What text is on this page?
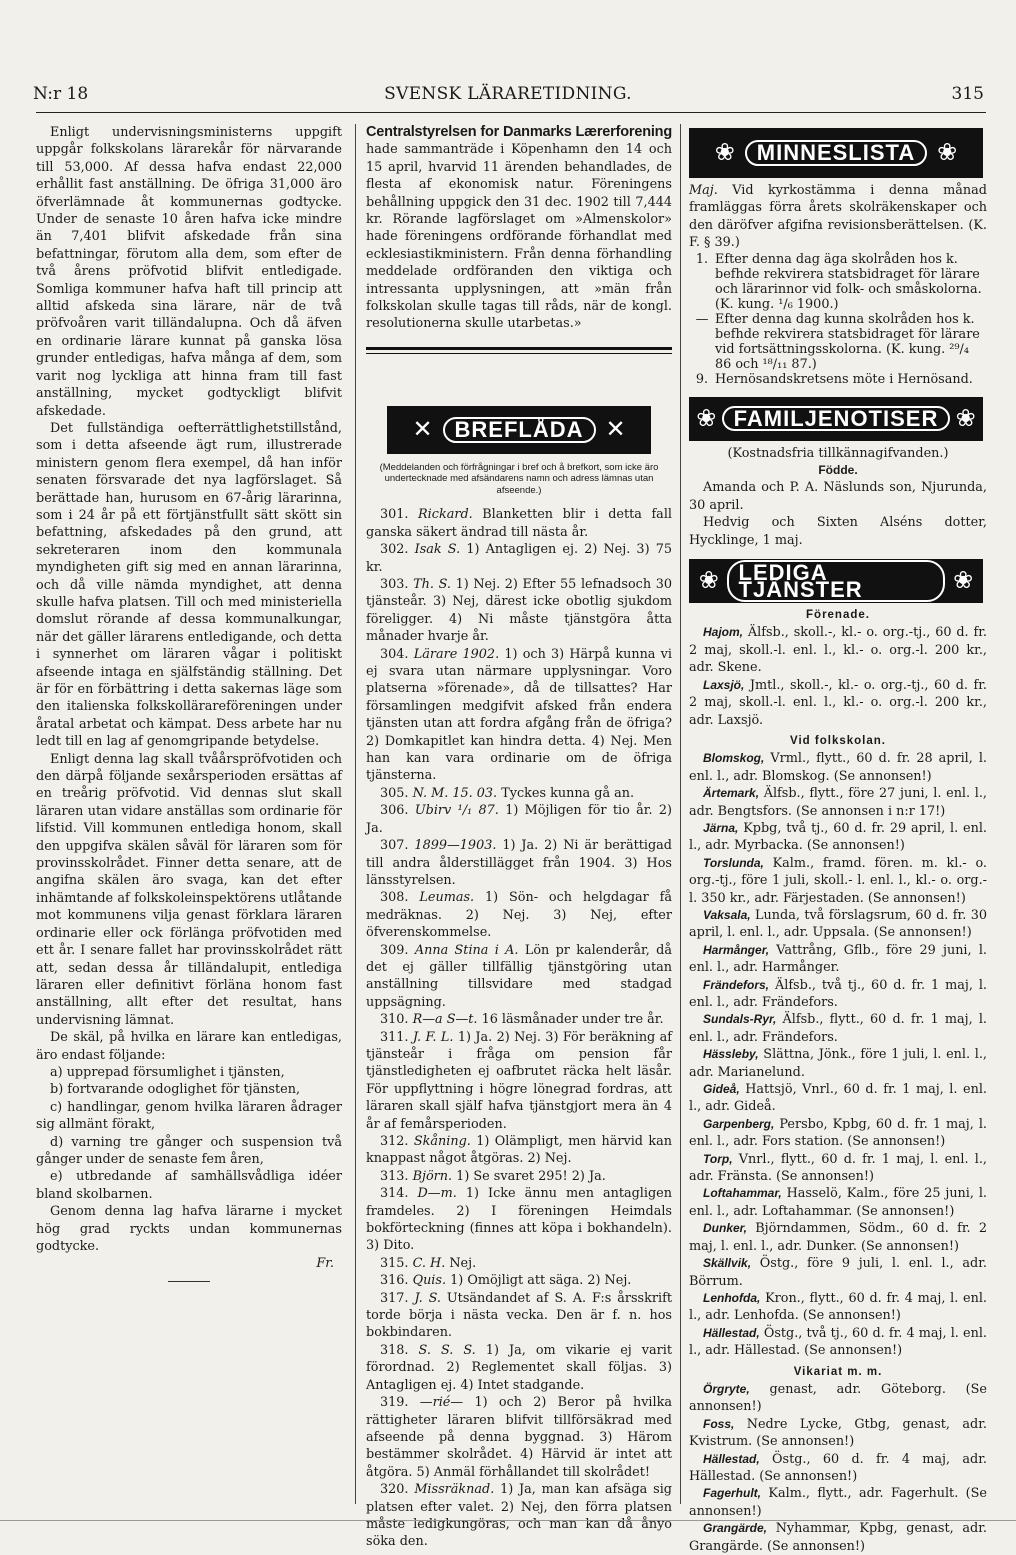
N:r 18	SVENSK LÄRARETIDNING.	315

Enligt undervisningsministerns uppgift uppgår folkskolans lärarekår för närvarande till 53,000. Af dessa hafva endast 22,000 erhållit fast anställning. De öfriga 31,000 äro öfverlämnade åt kommunernas godtycke. Under de senaste 10 åren hafva icke mindre än 7,401 blifvit afskedade från sina befattningar, förutom alla dem, som efter de två årens pröfvotid blifvit entledigade. Somliga kommuner hafva haft till princip att alltid afskeda sina lärare, när de två pröfvoåren varit tilländalupna. Och då äfven en ordinarie lärare kunnat på ganska lösa grunder entledigas, hafva många af dem, som varit nog lyckliga att hinna fram till fast anställning, mycket godtyckligt blifvit afskedade.

Det fullständiga oefterrättlighetstillstånd, som i detta afseende ägt rum, illustrerade ministern genom flera exempel, då han inför senaten försvarade det nya lagförslaget. Så berättade han, hurusom en 67-årig lärarinna, som i 24 år på ett förtjänstfullt sätt skött sin befattning, afskedades på den grund, att sekreteraren inom den kommunala myndigheten gift sig med en annan lärarinna, och då ville nämda myndighet, att denna skulle hafva platsen. Till och med ministeriella domslut rörande af dessa kommunalkungar, när det gäller lärarens entledigande, och detta i synnerhet om läraren vågar i politiskt afseende intaga en själfständig ställning. Det är för en förbättring i detta sakernas läge som den italienska folkskollärareföreningen under åratal arbetat och kämpat. Dess arbete har nu ledt till en lag af genomgripande betydelse.

Enligt denna lag skall tvåårspröfvotiden och den därpå följande sexårsperioden ersättas af en treårig pröfvotid. Vid dennas slut skall läraren utan vidare anställas som ordinarie för lifstid. Vill kommunen entlediga honom, skall den uppgifva skälen såväl för läraren som för provinsskolrådet. Finner detta senare, att de angifna skälen äro svaga, kan det efter inhämtande af folkskoleinspektörens utlåtande mot kommunens vilja genast förklara läraren ordinarie eller ock förlänga pröfvotiden med ett år. I senare fallet har provinsskolrådet rätt att, sedan dessa år tilländalupit, entlediga läraren eller definitivt förläna honom fast anställning, allt efter det resultat, hans undervisning lämnat.

De skäl, på hvilka en lärare kan entledigas, äro endast följande:

a) upprepad försumlighet i tjänsten,

b) fortvarande odoglighet för tjänsten,

c) handlingar, genom hvilka läraren ådrager sig allmänt förakt,

d) varning tre gånger och suspension två gånger under de senaste fem åren,

e) utbredande af samhällsvådliga idéer bland skolbarnen.

Genom denna lag hafva lärarne i mycket hög grad ryckts undan kommunernas godtycke.

Fr.

Centralstyrelsen for Danmarks Lærerforening hade sammanträde i Köpenhamn den 14 och 15 april, hvarvid 11 ärenden behandlades, de flesta af ekonomisk natur. Föreningens behållning uppgick den 31 dec. 1902 till 7,444 kr. Rörande lagförslaget om »Almenskolor» hade föreningens ordförande förhandlat med ecklesiastikministern. Från denna förhandling meddelade ordföranden den viktiga och intressanta upplysningen, att »män från folkskolan skulle tagas till råds, när de kongl. resolutionerna skulle utarbetas.»

✕ BREFLÅDA ✕
(Meddelanden och förfrågningar i bref och å brefkort, som icke äro undertecknade med afsändarens namn och adress lämnas utan afseende.)

301. Rickard. Blanketten blir i detta fall ganska säkert ändrad till nästa år.

302. Isak S. 1) Antagligen ej. 2) Nej. 3) 75 kr.

303. Th. S. 1) Nej. 2) Efter 55 lefnadsoch 30 tjänsteår. 3) Nej, därest icke obotlig sjukdom föreligger. 4) Ni måste tjänstgöra åtta månader hvarje år.

304. Lärare 1902. 1) och 3) Härpå kunna vi ej svara utan närmare upplysningar. Voro platserna »förenade», då de tillsattes? Har församlingen medgifvit afsked från endera tjänsten utan att fordra afgång från de öfriga? 2) Domkapitlet kan hindra detta. 4) Nej. Men han kan vara ordinarie om de öfriga tjänsterna.

305. N. M. 15. 03. Tyckes kunna gå an.

306. Ubirv ¹/₁ 87. 1) Möjligen för tio år. 2) Ja.

307. 1899—1903. 1) Ja. 2) Ni är berättigad till andra ålderstillägget från 1904. 3) Hos länsstyrelsen.

308. Leumas. 1) Sön- och helgdagar få medräknas. 2) Nej. 3) Nej, efter öfverenskommelse.

309. Anna Stina i A. Lön pr kalenderår, då det ej gäller tillfällig tjänstgöring utan anställning tillsvidare med stadgad uppsägning.

310. R—a S—t. 16 läsmånader under tre år.

311. J. F. L. 1) Ja. 2) Nej. 3) För beräkning af tjänsteår i fråga om pension får tjänstledigheten ej oafbrutet räcka helt läsår. För uppflyttning i högre lönegrad fordras, att läraren skall själf hafva tjänstgjort mera än 4 år af femårsperioden.

312. Skåning. 1) Olämpligt, men härvid kan knappast något åtgöras. 2) Nej.

313. Björn. 1) Se svaret 295! 2) Ja.

314. D—m. 1) Icke ännu men antagligen framdeles. 2) I föreningen Heimdals bokförteckning (finnes att köpa i bokhandeln). 3) Dito.

315. C. H. Nej.

316. Quis. 1) Omöjligt att säga. 2) Nej.

317. J. S. Utsändandet af S. A. F:s årsskrift torde börja i nästa vecka. Den är f. n. hos bokbindaren.

318. S. S. S. 1) Ja, om vikarie ej varit förordnad. 2) Reglementet skall följas. 3) Antagligen ej. 4) Intet stadgande.

319. —rié— 1) och 2) Beror på hvilka rättigheter läraren blifvit tillförsäkrad med afseende på denna byggnad. 3) Härom bestämmer skolrådet. 4) Härvid är intet att åtgöra. 5) Anmäl förhållandet till skolrådet!

320. Missräknad. 1) Ja, man kan afsäga sig platsen efter valet. 2) Nej, den förra platsen måste ledigkungöras, och man kan då ånyo söka den.

❀ MINNESLISTA ❀

Maj. Vid kyrkostämma i denna månad framläggas förra årets skolräkenskaper och den däröfver afgifna revisionsberättelsen. (K. F. § 39.)

1.	Efter denna dag äga skolråden hos k. befhde rekvirera statsbidraget för lärare och lärarinnor vid folk- och småskolorna. (K. kung. ¹/₆ 1900.)
—	Efter denna dag kunna skolråden hos k. befhde rekvirera statsbidraget för lärare vid fortsättningsskolorna. (K. kung. ²⁹/₄ 86 och ¹⁸/₁₁ 87.)
9.	Hernösandskretsens möte i Hernösand.
❀ FAMILJENOTISER ❀

(Kostnadsfria tillkännagifvanden.)

Födde.

Amanda och P. A. Näslunds son, Njurunda, 30 april.

Hedvig och Sixten Alséns dotter, Hycklinge, 1 maj.

❀ LEDIGA TJÄNSTER	❀

Förenade.

Hajom, Älfsb., skoll.-, kl.- o. org.-tj., 60 d. fr. 2 maj, skoll.-l. enl. l., kl.- o. org.-l. 200 kr., adr. Skene.

Laxsjö, Jmtl., skoll.-, kl.- o. org.-tj., 60 d. fr. 2 maj, skoll.-l. enl. l., kl.- o. org.-l. 200 kr., adr. Laxsjö.

Vid folkskolan.

Blomskog, Vrml., flytt., 60 d. fr. 28 april, l. enl. l., adr. Blomskog. (Se annonsen!)

Ärtemark, Älfsb., flytt., före 27 juni, l. enl. l., adr. Bengtsfors. (Se annonsen i n:r 17!)

Järna, Kpbg, två tj., 60 d. fr. 29 april, l. enl. l., adr. Myrbacka. (Se annonsen!)

Torslunda, Kalm., framd. fören. m. kl.- o. org.-tj., före 1 juli, skoll.- l. enl. l., kl.- o. org.-l. 350 kr., adr. Färjestaden. (Se annonsen!)

Vaksala, Lunda, två förslagsrum, 60 d. fr. 30 april, l. enl. l., adr. Uppsala. (Se annonsen!)

Harmånger, Vattrång, Gflb., före 29 juni, l. enl. l., adr. Harmånger.

Frändefors, Älfsb., två tj., 60 d. fr. 1 maj, l. enl. l., adr. Frändefors.

Sundals-Ryr, Älfsb., flytt., 60 d. fr. 1 maj, l. enl. l., adr. Frändefors.

Hässleby, Slättna, Jönk., före 1 juli, l. enl. l., adr. Marianelund.

Gideå, Hattsjö, Vnrl., 60 d. fr. 1 maj, l. enl. l., adr. Gideå.

Garpenberg, Persbo, Kpbg, 60 d. fr. 1 maj, l. enl. l., adr. Fors station. (Se annonsen!)

Torp, Vnrl., flytt., 60 d. fr. 1 maj, l. enl. l., adr. Fränsta. (Se annonsen!)

Loftahammar, Hasselö, Kalm., före 25 juni, l. enl. l., adr. Loftahammar. (Se annonsen!)

Dunker, Björndammen, Södm., 60 d. fr. 2 maj, l. enl. l., adr. Dunker. (Se annonsen!)

Skällvik, Östg., före 9 juli, l. enl. l., adr. Börrum.

Lenhofda, Kron., flytt., 60 d. fr. 4 maj, l. enl. l., adr. Lenhofda. (Se annonsen!)

Hällestad, Östg., två tj., 60 d. fr. 4 maj, l. enl. l., adr. Hällestad. (Se annonsen!)

Vikariat m. m.

Örgryte, genast, adr. Göteborg. (Se annonsen!)

Foss, Nedre Lycke, Gtbg, genast, adr. Kvistrum. (Se annonsen!)

Hällestad, Östg., 60 d. fr. 4 maj, adr. Hällestad. (Se annonsen!)

Fagerhult, Kalm., flytt., adr. Fagerhult. (Se annonsen!)

Grangärde, Nyhammar, Kpbg, genast, adr. Grangärde. (Se annonsen!)
